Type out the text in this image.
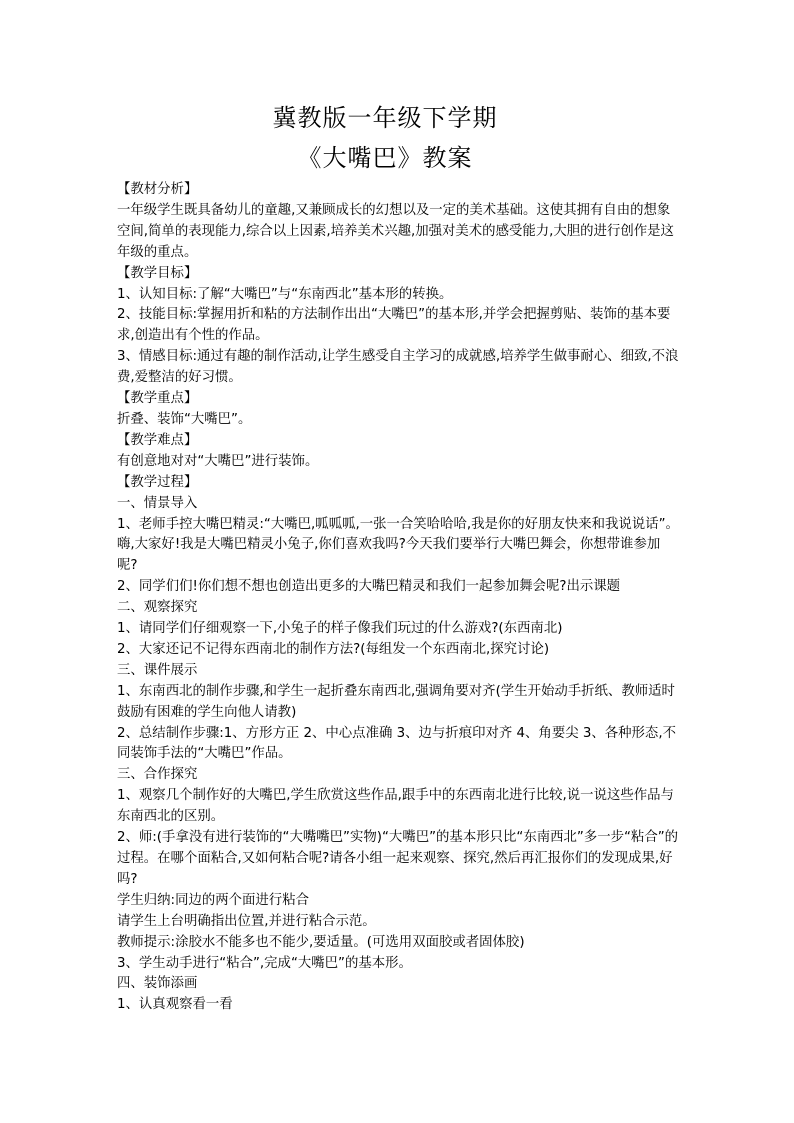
冀教版一年级下学期
《大嘴巴》教案

【教材分析】

一年级学生既具备幼儿的童趣,又兼顾成长的幻想以及一定的美术基础。这使其拥有自由的想象空间,简单的表现能力,综合以上因素,培养美术兴趣,加强对美术的感受能力,大胆的进行创作是这年级的重点。

【教学目标】

1、认知目标:了解“大嘴巴”与“东南西北”基本形的转换。

2、技能目标:掌握用折和粘的方法制作出出“大嘴巴”的基本形,并学会把握剪贴、装饰的基本要求,创造出有个性的作品。

3、情感目标:通过有趣的制作活动,让学生感受自主学习的成就感,培养学生做事耐心、细致,不浪费,爱整洁的好习惯。

【教学重点】

折叠、装饰“大嘴巴”。

【教学难点】

有创意地对对“大嘴巴”进行装饰。

【教学过程】

一、情景导入

1、老师手控大嘴巴精灵:“大嘴巴,呱呱呱,一张一合笑哈哈哈,我是你的好朋友快来和我说说话”。嗨,大家好!我是大嘴巴精灵小兔子,你们喜欢我吗?今天我们要举行大嘴巴舞会，你想带谁参加呢?

2、同学们们!你们想不想也创造出更多的大嘴巴精灵和我们一起参加舞会呢?出示课题

二、观察探究

1、请同学们仔细观察一下,小兔子的样子像我们玩过的什么游戏?(东西南北)

2、大家还记不记得东西南北的制作方法?(每组发一个东西南北,探究讨论)

三、课件展示

1、东南西北的制作步骤,和学生一起折叠东南西北,强调角要对齐(学生开始动手折纸、教师适时鼓励有困难的学生向他人请教)

2、总结制作步骤:1、方形方正 2、中心点准确 3、边与折痕印对齐 4、角要尖 3、各种形态,不同装饰手法的“大嘴巴”作品。

三、合作探究

1、观察几个制作好的大嘴巴,学生欣赏这些作品,跟手中的东西南北进行比较,说一说这些作品与东南西北的区别。

2、师:(手拿没有进行装饰的“大嘴嘴巴”实物)“大嘴巴”的基本形只比“东南西北”多一步“粘合”的过程。在哪个面粘合,又如何粘合呢?请各小组一起来观察、探究,然后再汇报你们的发现成果,好吗?

学生归纳:同边的两个面进行粘合

请学生上台明确指出位置,并进行粘合示范。

教师提示:涂胶水不能多也不能少,要适量。(可选用双面胶或者固体胶)

3、学生动手进行“粘合”,完成“大嘴巴”的基本形。

四、装饰添画

1、认真观察看一看
